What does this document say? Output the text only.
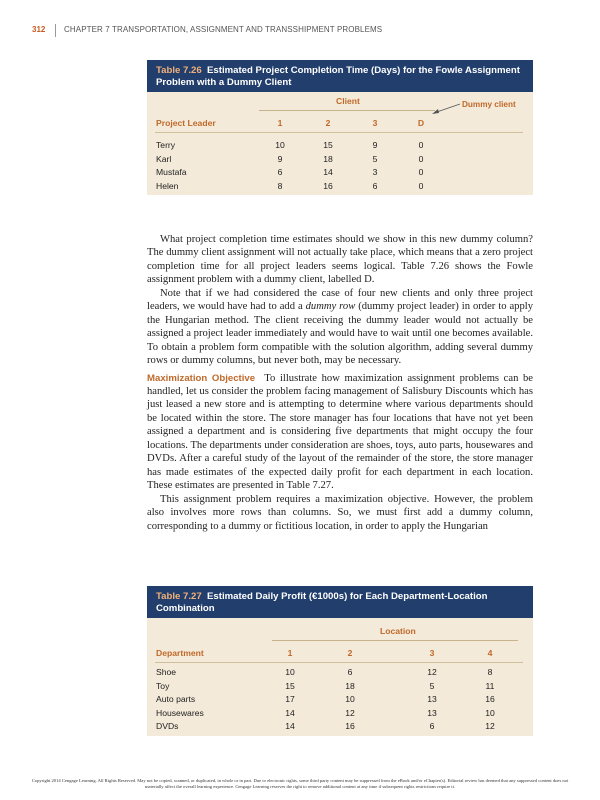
312 CHAPTER 7 TRANSPORTATION, ASSIGNMENT AND TRANSSHIPMENT PROBLEMS
Table 7.26 Estimated Project Completion Time (Days) for the Fowle Assignment Problem with a Dummy Client
Client
Project Leader	1	2	3	D
Terry	10	15	9	0
Karl	9	18	5	0
Mustafa	6	14	3	0
Helen	8	16	6	0
Dummy client

What project completion time estimates should we show in this new dummy column? The dummy client assignment will not actually take place, which means that a zero project completion time for all project leaders seems logical. Table 7.26 shows the Fowle assignment problem with a dummy client, labelled D.

Note that if we had considered the case of four new clients and only three project leaders, we would have had to add a dummy row (dummy project leader) in order to apply the Hungarian method. The client receiving the dummy leader would not actually be assigned a project leader immediately and would have to wait until one becomes available. To obtain a problem form compatible with the solution algorithm, adding several dummy rows or dummy columns, but never both, may be necessary.

Maximization Objective To illustrate how maximization assignment problems can be handled, let us consider the problem facing management of Salisbury Discounts which has just leased a new store and is attempting to determine where various departments should be located within the store. The store manager has four locations that have not yet been assigned a department and is considering five departments that might occupy the four locations. The departments under consideration are shoes, toys, auto parts, housewares and DVDs. After a careful study of the layout of the remainder of the store, the store manager has made estimates of the expected daily profit for each department in each location. These estimates are presented in Table 7.27.

This assignment problem requires a maximization objective. However, the problem also involves more rows than columns. So, we must first add a dummy column, corresponding to a dummy or fictitious location, in order to apply the Hungarian

Table 7.27 Estimated Daily Profit (€1000s) for Each Department-Location Combination
Location
Department	1	2	3	4
Shoe	10	6	12	8
Toy	15	18	5	11
Auto parts	17	10	13	16
Housewares	14	12	13	10
DVDs	14	16	6	12
Copyright 2014 Cengage Learning. All Rights Reserved. May not be copied, scanned, or duplicated, in whole or in part. Due to electronic rights, some third party content may be suppressed from the eBook and/or eChapter(s). Editorial review has deemed that any suppressed content does not materially affect the overall learning experience. Cengage Learning reserves the right to remove additional content at any time if subsequent rights restrictions require it.
